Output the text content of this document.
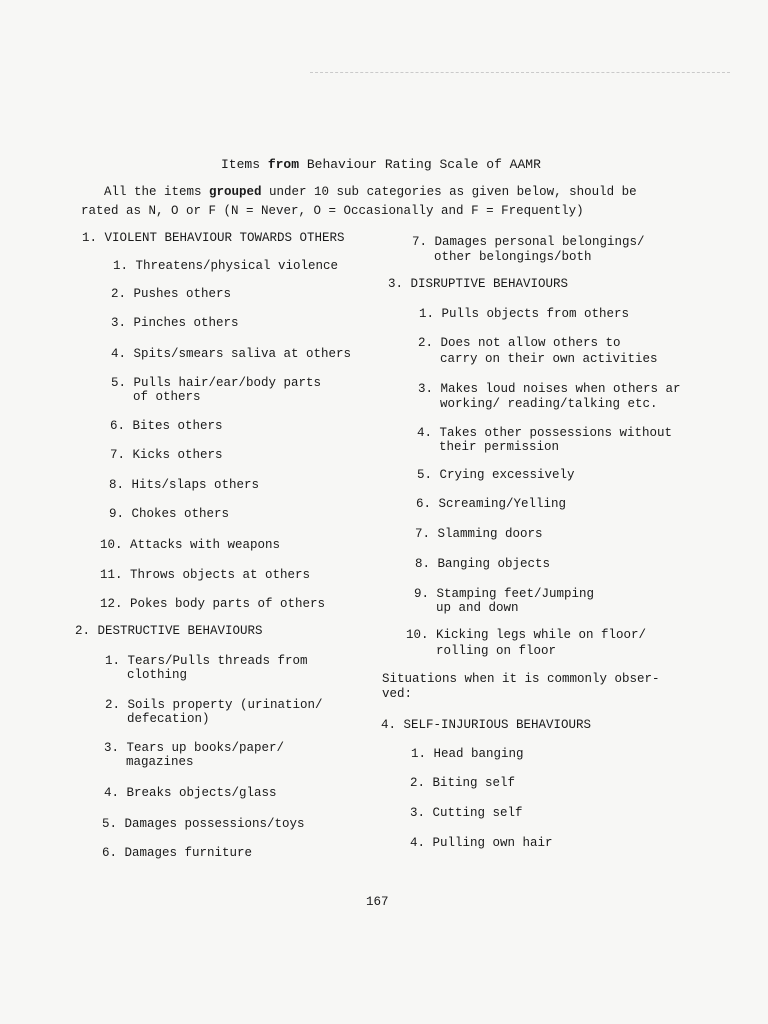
Items from Behaviour Rating Scale of AAMR
All the items grouped under 10 sub categories as given below, should be
rated as N, O or F (N = Never, O = Occasionally and F = Frequently)
1. VIOLENT BEHAVIOUR TOWARDS OTHERS
1. Threatens/physical violence
2. Pushes others
3. Pinches others
4. Spits/smears saliva at others
5. Pulls hair/ear/body parts
of others
6. Bites others
7. Kicks others
8. Hits/slaps others
9. Chokes others
10. Attacks with weapons
11. Throws objects at others
12. Pokes body parts of others
2. DESTRUCTIVE BEHAVIOURS
1. Tears/Pulls threads from
clothing
2. Soils property (urination/
defecation)
3. Tears up books/paper/
magazines
4. Breaks objects/glass
5. Damages possessions/toys
6. Damages furniture
7. Damages personal belongings/
other belongings/both
3. DISRUPTIVE BEHAVIOURS
1. Pulls objects from others
2. Does not allow others to
carry on their own activities
3. Makes loud noises when others ar
working/ reading/talking etc.
4. Takes other possessions without
their permission
5. Crying excessively
6. Screaming/Yelling
7. Slamming doors
8. Banging objects
9. Stamping feet/Jumping
up and down
10. Kicking legs while on floor/
rolling on floor
Situations when it is commonly obser-
ved:
4. SELF-INJURIOUS BEHAVIOURS
1. Head banging
2. Biting self
3. Cutting self
4. Pulling own hair
167
